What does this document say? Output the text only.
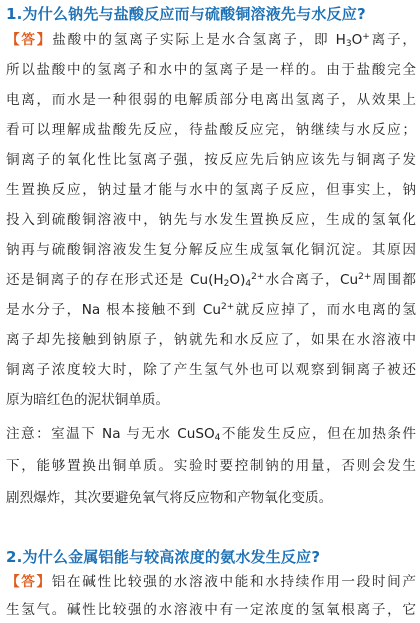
1.为什么钠先与盐酸反应而与硫酸铜溶液先与水反应?
【答】盐酸中的氢离子实际上是水合氢离子，即 $H_3O^+$离子，
所以盐酸中的氢离子和水中的氢离子是一样的。由于盐酸完全
电离，而水是一种很弱的电解质部分电离出氢离子，从效果上
看可以理解成盐酸先反应，待盐酸反应完，钠继续与水反应；
铜离子的氧化性比氢离子强，按反应先后钠应该先与铜离子发
生置换反应，钠过量才能与水中的氢离子反应，但事实上，钠
投入到硫酸铜溶液中，钠先与水发生置换反应，生成的氢氧化
钠再与硫酸铜溶液发生复分解反应生成氢氧化铜沉淀。其原因
还是铜离子的存在形式还是 $Cu(H_2O)_4^{2+}$水合离子，$Cu^{2+}$周围都
是水分子，Na 根本接触不到 $Cu^{2+}$就反应掉了，而水电离的氢
离子却先接触到钠原子，钠就先和水反应了，如果在水溶液中
铜离子浓度较大时，除了产生氢气外也可以观察到铜离子被还
原为暗红色的泥状铜单质。
注意：室温下 Na 与无水 CuSO$_4$不能发生反应，但在加热条件
下，能够置换出铜单质。实验时要控制钠的用量，否则会发生
剧烈爆炸，其次要避免氧气将反应物和产物氧化变质。
2.为什么金属铝能与较高浓度的氨水发生反应?
【答】铝在碱性比较强的水溶液中能和水持续作用一段时间产
生氢气。碱性比较强的水溶液中有一定浓度的氢氧根离子，它
